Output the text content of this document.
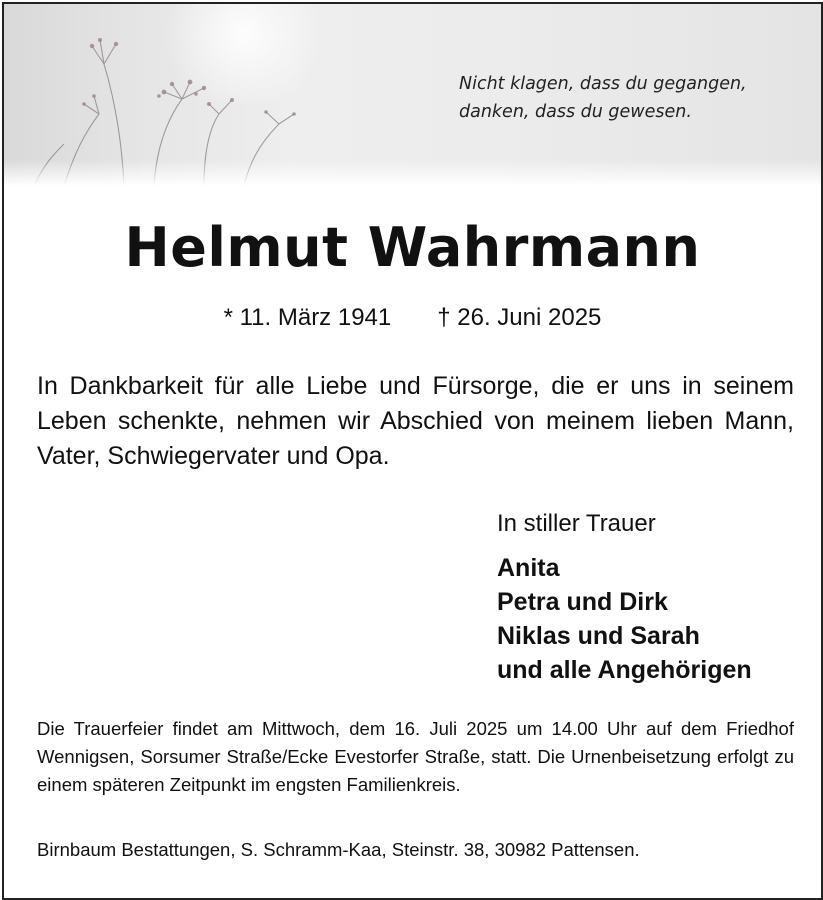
Nicht klagen, dass du gegangen,
danken, dass du gewesen.

Helmut Wahrmann
* 11. März 1941 † 26. Juni 2025

In Dankbarkeit für alle Liebe und Fürsorge, die er uns in seinem Leben schenkte, nehmen wir Abschied von meinem lieben Mann, Vater, Schwiegervater und Opa.

In stiller Trauer
Anita
Petra und Dirk
Niklas und Sarah
und alle Angehörigen

Die Trauerfeier findet am Mittwoch, dem 16. Juli 2025 um 14.00 Uhr auf dem Friedhof Wennigsen, Sorsumer Straße/Ecke Evestorfer Straße, statt. Die Urnenbeisetzung erfolgt zu einem späteren Zeitpunkt im engsten Familienkreis.

Birnbaum Bestattungen, S. Schramm-Kaa, Steinstr. 38, 30982 Pattensen.
